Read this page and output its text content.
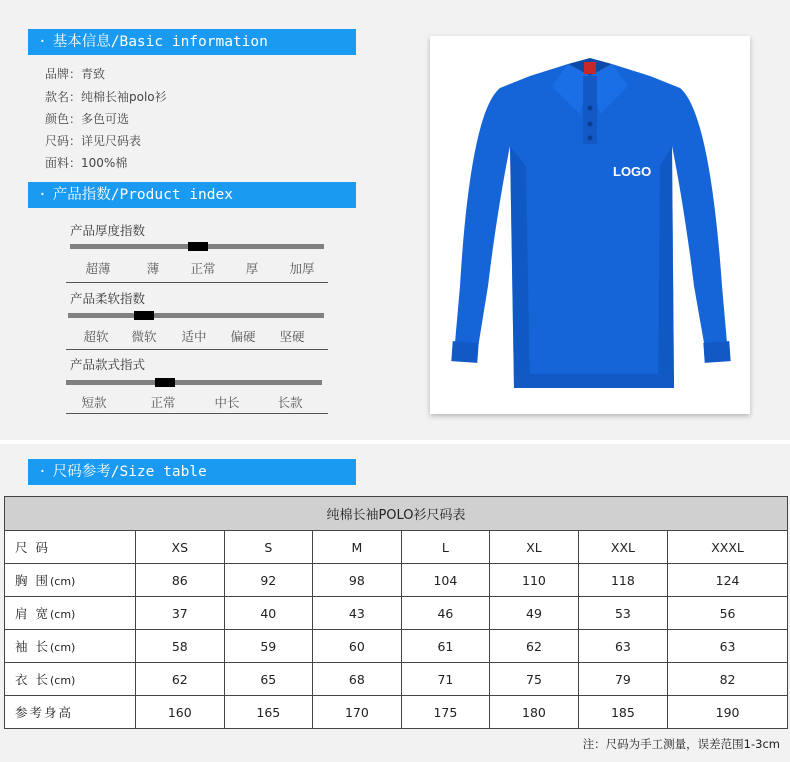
· 基本信息/Basic information
品牌：青致
款名：纯棉长袖polo衫
颜色：多色可选
尺码：详见尺码表
面料：100%棉
· 产品指数/Product index
产品厚度指数
超薄	薄 正常 厚 加厚
产品柔软指数
超软 微软 适中 偏硬 坚硬
产品款式指式
短款	正常	中长	长款
LOGO
· 尺码参考/Size table
纯棉长袖POLO衫尺码表							
尺 码	XS	S	M	L	XL	XXL	XXXL
胸 围(cm)	86	92	98	104	110	118	124
肩 宽(cm)	37	40	43	46	49	53	56
袖 长(cm)	58	59	60	61	62	63	63
衣 长(cm)	62	65	68	71	75	79	82
参考身高	160	165	170	175	180	185	190
注：尺码为手工测量，误差范围1-3cm
